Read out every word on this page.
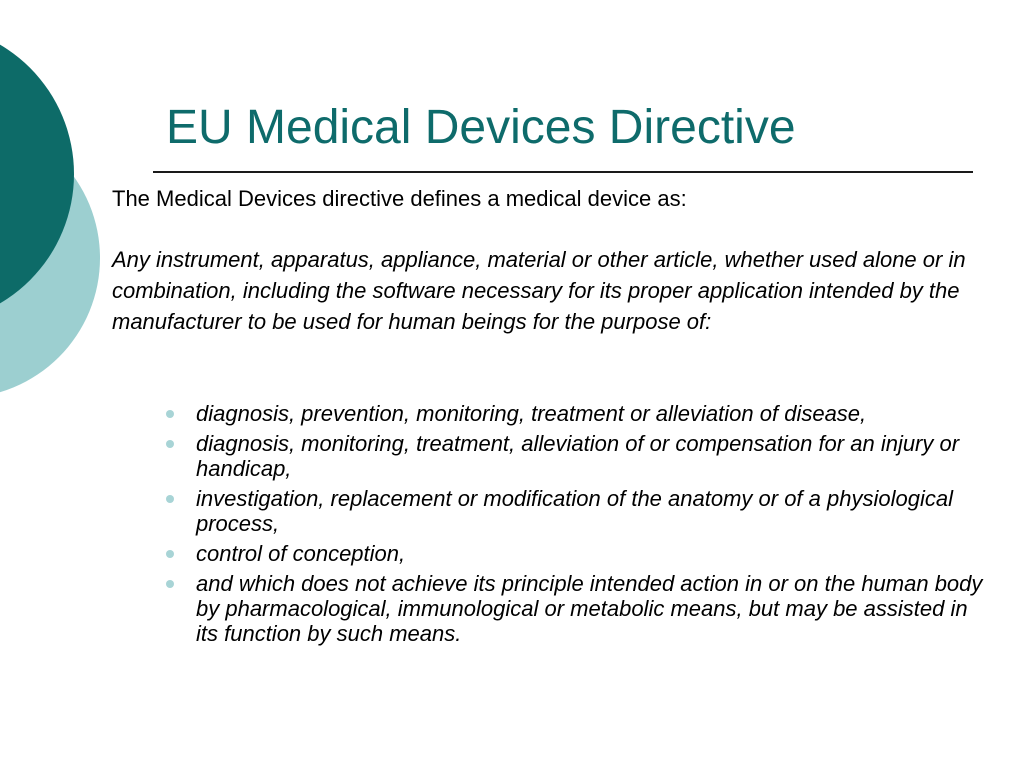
EU Medical Devices Directive

The Medical Devices directive defines a medical device as:

Any instrument, apparatus, appliance, material or other article, whether used alone or in combination, including the software necessary for its proper application intended by the manufacturer to be used for human beings for the purpose of:

diagnosis, prevention, monitoring, treatment or alleviation of disease,
diagnosis, monitoring, treatment, alleviation of or compensation for an injury or handicap,
investigation, replacement or modification of the anatomy or of a physiological process,
control of conception,
and which does not achieve its principle intended action in or on the human body by pharmacological, immunological or metabolic means, but may be assisted in its function by such means.
